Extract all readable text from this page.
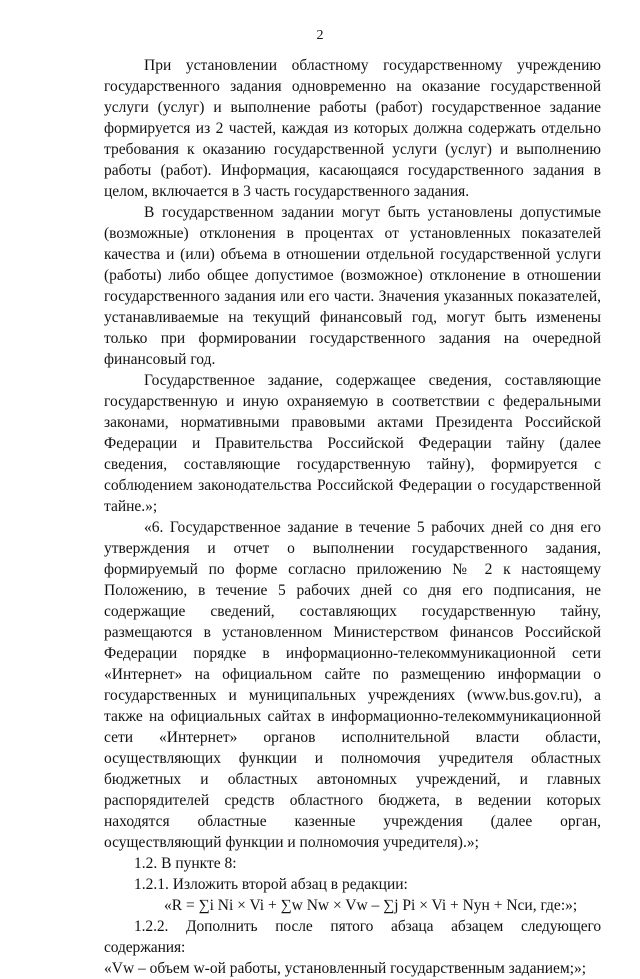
2

При установлении областному государственному учреждению государственного задания одновременно на оказание государственной услуги (услуг) и выполнение работы (работ) государственное задание формируется из 2 частей, каждая из которых должна содержать отдельно требования к оказанию государственной услуги (услуг) и выполнению работы (работ). Информация, касающаяся государственного задания в целом, включается в 3 часть государственного задания.

В государственном задании могут быть установлены допустимые (возможные) отклонения в процентах от установленных показателей качества и (или) объема в отношении отдельной государственной услуги (работы) либо общее допустимое (возможное) отклонение в отношении государственного задания или его части. Значения указанных показателей, устанавливаемые на текущий финансовый год, могут быть изменены только при формировании государственного задания на очередной финансовый год.

Государственное задание, содержащее сведения, составляющие государственную и иную охраняемую в соответствии с федеральными законами, нормативными правовыми актами Президента Российской Федерации и Правительства Российской Федерации тайну (далее сведения, составляющие государственную тайну), формируется с соблюдением законодательства Российской Федерации о государственной тайне.»;

«6. Государственное задание в течение 5 рабочих дней со дня его утверждения и отчет о выполнении государственного задания, формируемый по форме согласно приложению № 2 к настоящему Положению, в течение 5 рабочих дней со дня его подписания, не содержащие сведений, составляющих государственную тайну, размещаются в установленном Министерством финансов Российской Федерации порядке в информационно-телекоммуникационной сети «Интернет» на официальном сайте по размещению информации о государственных и муниципальных учреждениях (www.bus.gov.ru), а также на официальных сайтах в информационно-телекоммуникационной сети «Интернет» органов исполнительной власти области, осуществляющих функции и полномочия учредителя областных бюджетных и областных автономных учреждений, и главных распорядителей средств областного бюджета, в ведении которых находятся областные казенные учреждения (далее орган, осуществляющий функции и полномочия учредителя).»;

1.2. В пункте 8:

1.2.1. Изложить второй абзац в редакции:

«R = ∑i Ni × Vi + ∑w Nw × Vw – ∑j Pi × Vi + Nун + Nси, где:»;

1.2.2. Дополнить после пятого абзаца абзацем следующего содержания:

«Vw – объем w-ой работы, установленный государственным заданием;»;
